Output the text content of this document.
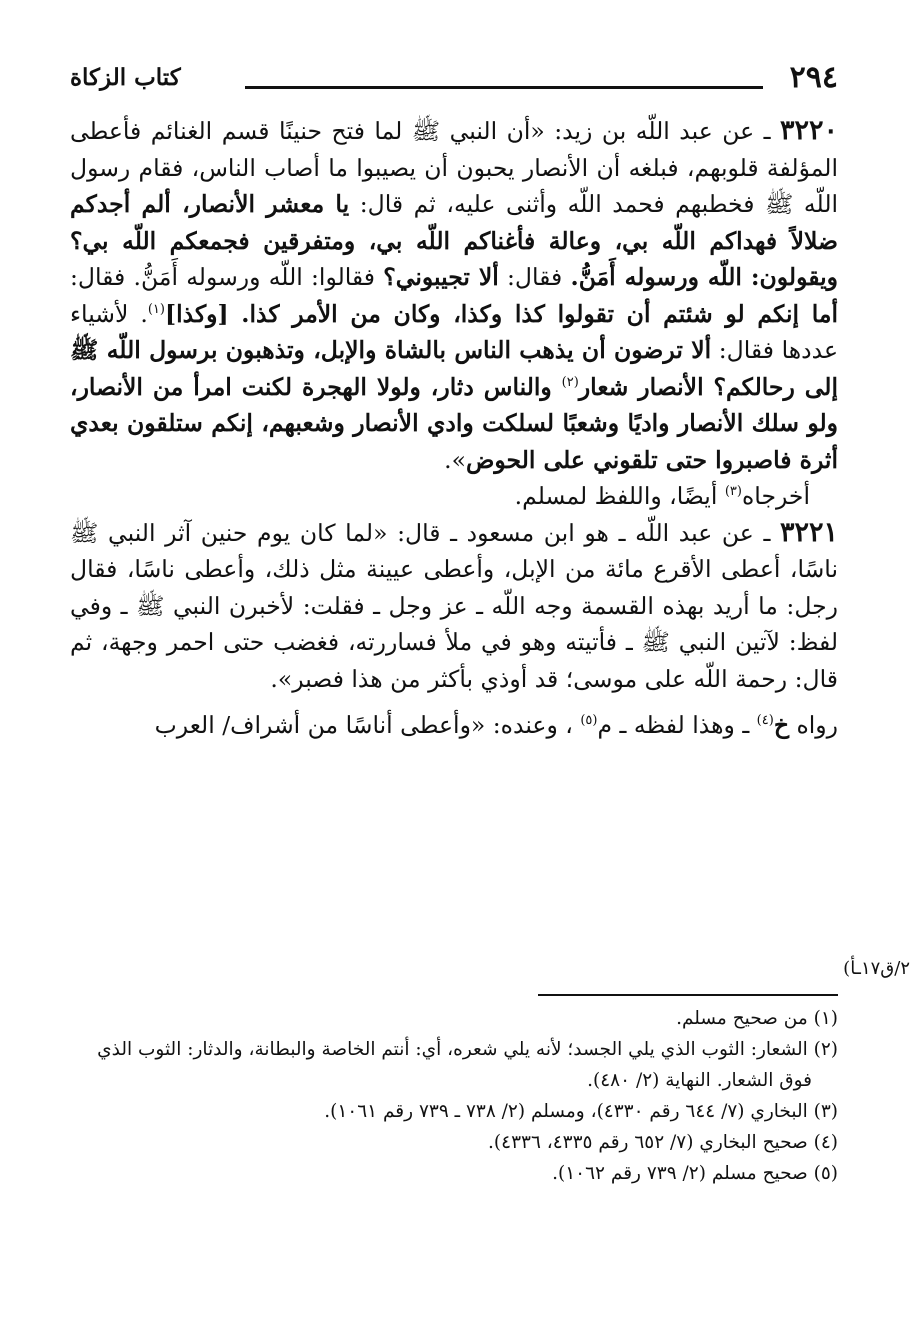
٢٩٤
كتاب الزكاة

٣٢٢٠ ـ عن عبد اللّه بن زيد: «أن النبي ﷺ لما فتح حنينًا قسم الغنائم فأعطى المؤلفة قلوبهم، فبلغه أن الأنصار يحبون أن يصيبوا ما أصاب الناس، فقام رسول اللّه ﷺ فخطبهم فحمد اللّه وأثنى عليه، ثم قال: يا معشر الأنصار، ألم أجدكم ضلالاً فهداكم اللّه بي، وعالة فأغناكم اللّه بي، ومتفرقين فجمعكم اللّه بي؟ ويقولون: اللّه ورسوله أَمَنُّ. فقال: ألا تجيبوني؟ فقالوا: اللّه ورسوله أَمَنُّ. فقال: أما إنكم لو شئتم أن تقولوا كذا وكذا، وكان من الأمر كذا. [وكذا]$^{(١)}$. لأشياء عددها فقال: ألا ترضون أن يذهب الناس بالشاة والإبل، وتذهبون برسول اللّه ﷺ إلى رحالكم؟ الأنصار شعار$^{(٢)}$ والناس دثار، ولولا الهجرة لكنت امرأ من الأنصار، ولو سلك الأنصار واديًا وشعبًا لسلكت وادي الأنصار وشعبهم، إنكم ستلقون بعدي أثرة فاصبروا حتى تلقوني على الحوض».

أخرجاه$^{(٣)}$ أيضًا، واللفظ لمسلم.

٣٢٢١ ـ عن عبد اللّه ـ هو ابن مسعود ـ قال: «لما كان يوم حنين آثر النبي ﷺ ناسًا، أعطى الأقرع مائة من الإبل، وأعطى عيينة مثل ذلك، وأعطى ناسًا، فقال رجل: ما أريد بهذه القسمة وجه اللّه ـ عز وجل ـ فقلت: لأخبرن النبي ﷺ ـ وفي لفظ: لآتين النبي ﷺ ـ فأتيته وهو في ملأ فساررته، فغضب حتى احمر وجهة، ثم قال: رحمة اللّه على موسى؛ قد أوذي بأكثر من هذا فصبر».

رواه خ$^{(٤)}$ ـ وهذا لفظه ـ م$^{(٥)}$ ، وعنده: «وأعطى أناسًا من أشراف/ العرب

٢/ق١٧ـأ)

(١) من صحيح مسلم.

(٢) الشعار: الثوب الذي يلي الجسد؛ لأنه يلي شعره، أي: أنتم الخاصة والبطانة، والدثار: الثوب الذي فوق الشعار. النهاية (٢/ ٤٨٠).

(٣) البخاري (٧/ ٦٤٤ رقم ٤٣٣٠)، ومسلم (٢/ ٧٣٨ ـ ٧٣٩ رقم ١٠٦١).

(٤) صحيح البخاري (٧/ ٦٥٢ رقم ٤٣٣٥، ٤٣٣٦).

(٥) صحيح مسلم (٢/ ٧٣٩ رقم ١٠٦٢).
